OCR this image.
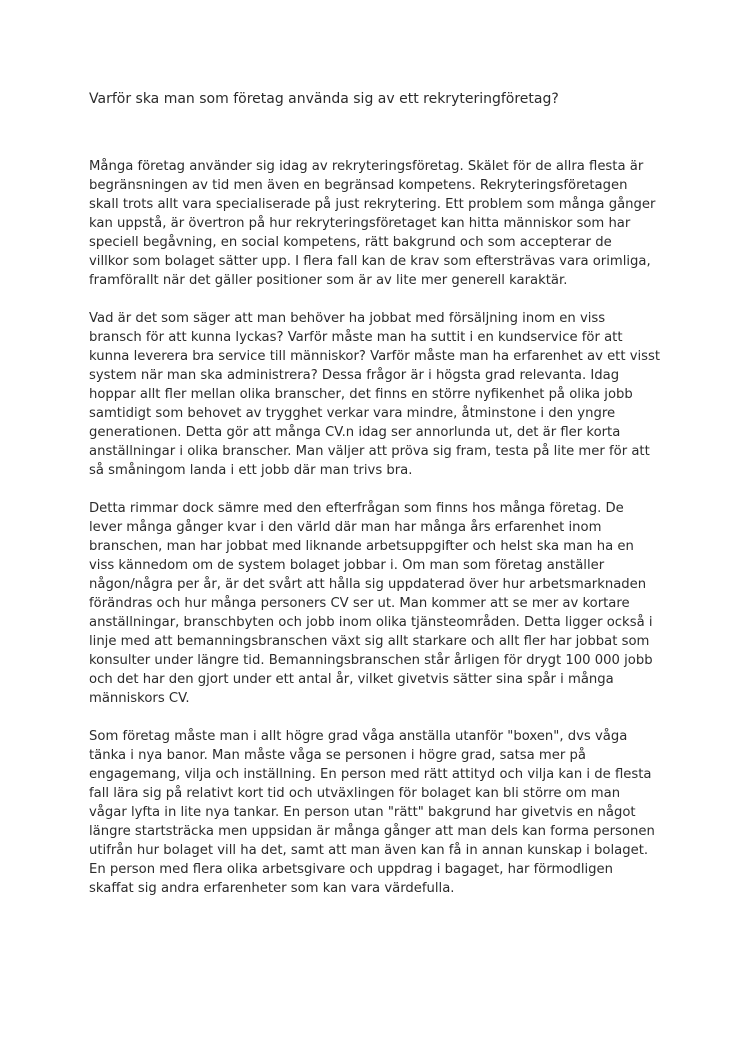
Varför ska man som företag använda sig av ett rekryteringföretag?

Många företag använder sig idag av rekryteringsföretag. Skälet för de allra flesta är
begränsningen av tid men även en begränsad kompetens. Rekryteringsföretagen
skall trots allt vara specialiserade på just rekrytering. Ett problem som många gånger
kan uppstå, är övertron på hur rekryteringsföretaget kan hitta människor som har
speciell begåvning, en social kompetens, rätt bakgrund och som accepterar de
villkor som bolaget sätter upp. I flera fall kan de krav som eftersträvas vara orimliga,
framförallt när det gäller positioner som är av lite mer generell karaktär.

Vad är det som säger att man behöver ha jobbat med försäljning inom en viss
bransch för att kunna lyckas? Varför måste man ha suttit i en kundservice för att
kunna leverera bra service till människor? Varför måste man ha erfarenhet av ett visst
system när man ska administrera? Dessa frågor är i högsta grad relevanta. Idag
hoppar allt fler mellan olika branscher, det finns en större nyfikenhet på olika jobb
samtidigt som behovet av trygghet verkar vara mindre, åtminstone i den yngre
generationen. Detta gör att många CV.n idag ser annorlunda ut, det är fler korta
anställningar i olika branscher. Man väljer att pröva sig fram, testa på lite mer för att
så småningom landa i ett jobb där man trivs bra.

Detta rimmar dock sämre med den efterfrågan som finns hos många företag. De
lever många gånger kvar i den värld där man har många års erfarenhet inom
branschen, man har jobbat med liknande arbetsuppgifter och helst ska man ha en
viss kännedom om de system bolaget jobbar i. Om man som företag anställer
någon/några per år, är det svårt att hålla sig uppdaterad över hur arbetsmarknaden
förändras och hur många personers CV ser ut. Man kommer att se mer av kortare
anställningar, branschbyten och jobb inom olika tjänsteområden. Detta ligger också i
linje med att bemanningsbranschen växt sig allt starkare och allt fler har jobbat som
konsulter under längre tid. Bemanningsbranschen står årligen för drygt 100 000 jobb
och det har den gjort under ett antal år, vilket givetvis sätter sina spår i många
människors CV.

Som företag måste man i allt högre grad våga anställa utanför "boxen", dvs våga
tänka i nya banor. Man måste våga se personen i högre grad, satsa mer på
engagemang, vilja och inställning. En person med rätt attityd och vilja kan i de flesta
fall lära sig på relativt kort tid och utväxlingen för bolaget kan bli större om man
vågar lyfta in lite nya tankar. En person utan "rätt" bakgrund har givetvis en något
längre startsträcka men uppsidan är många gånger att man dels kan forma personen
utifrån hur bolaget vill ha det, samt att man även kan få in annan kunskap i bolaget.
En person med flera olika arbetsgivare och uppdrag i bagaget, har förmodligen
skaffat sig andra erfarenheter som kan vara värdefulla.
